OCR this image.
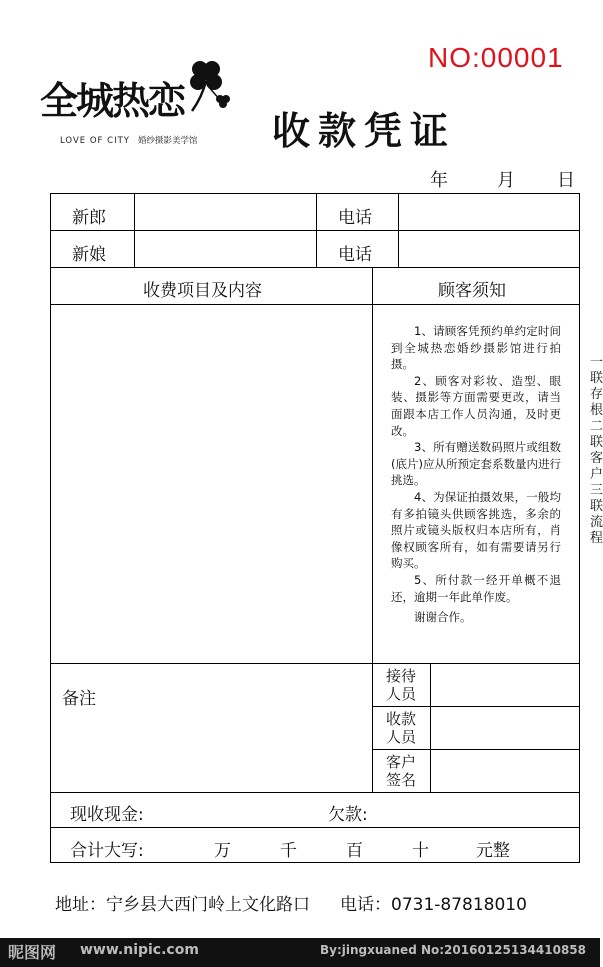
全城热恋
LOVE OF CITY 婚纱摄影美学馆 收款凭证
NO:00001
年	月 日
新郎	电话
新娘	电话
收费项目及内容	顾客须知

1、请顾客凭预约单约定时间到全城热恋婚纱摄影馆进行拍摄。

2、顾客对彩妆、造型、眼装、摄影等方面需要更改，请当面跟本店工作人员沟通，及时更改。

3、所有赠送数码照片或组数(底片)应从所预定套系数量内进行挑选。

4、为保证拍摄效果，一般均有多拍镜头供顾客挑选，多余的照片或镜头版权归本店所有，肖像权顾客所有，如有需要请另行购买。

5、所付款一经开单概不退还，逾期一年此单作废。

谢谢合作。

备注
接待
人员
收款
人员
客户
签名
现收现金:	欠款:
合计大写:	万	千	百	十	元整
地址：宁乡县大西门岭上文化路口 电话：0731-87818010
一联存根二联客户三联流程
昵图网 www.nipic.com	By:jingxuaned No:20160125134410858
